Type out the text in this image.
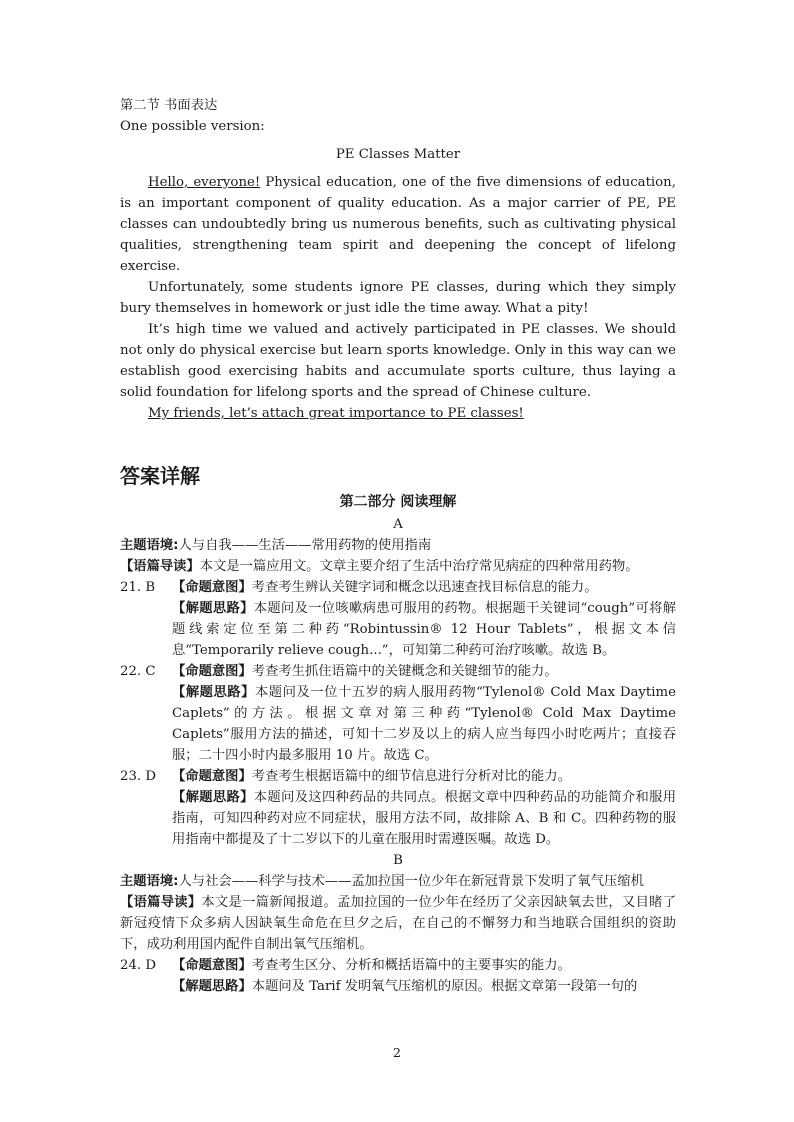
第二节 书面表达

One possible version:

PE Classes Matter

Hello, everyone! Physical education, one of the five dimensions of education, is an important component of quality education. As a major carrier of PE, PE classes can undoubtedly bring us numerous benefits, such as cultivating physical qualities, strengthening team spirit and deepening the concept of lifelong exercise.

Unfortunately, some students ignore PE classes, during which they simply bury themselves in homework or just idle the time away. What a pity!

It’s high time we valued and actively participated in PE classes. We should not only do physical exercise but learn sports knowledge. Only in this way can we establish good exercising habits and accumulate sports culture, thus laying a solid foundation for lifelong sports and the spread of Chinese culture.

My friends, let’s attach great importance to PE classes!

答案详解

第二部分 阅读理解

A

主题语境:人与自我——生活——常用药物的使用指南

【语篇导读】本文是一篇应用文。文章主要介绍了生活中治疗常见病症的四种常用药物。

21. B	【命题意图】考查考生辨认关键字词和概念以迅速查找目标信息的能力。

【解题思路】本题问及一位咳嗽病患可服用的药物。根据题干关键词“cough”可将解题线索定位至第二种药“Robintussin® 12 Hour Tablets”，根据文本信息“Temporarily relieve cough...”，可知第二种药可治疗咳嗽。故选 B。

22. C	【命题意图】考查考生抓住语篇中的关键概念和关键细节的能力。

【解题思路】本题问及一位十五岁的病人服用药物“Tylenol® Cold Max Daytime Caplets”的方法。根据文章对第三种药“Tylenol® Cold Max Daytime Caplets”服用方法的描述，可知十二岁及以上的病人应当每四小时吃两片；直接吞服；二十四小时内最多服用 10 片。故选 C。

23. D	【命题意图】考查考生根据语篇中的细节信息进行分析对比的能力。

【解题思路】本题问及这四种药品的共同点。根据文章中四种药品的功能简介和服用指南，可知四种药对应不同症状，服用方法不同，故排除 A、B 和 C。四种药物的服用指南中都提及了十二岁以下的儿童在服用时需遵医嘱。故选 D。

B

主题语境:人与社会——科学与技术——孟加拉国一位少年在新冠背景下发明了氧气压缩机

【语篇导读】本文是一篇新闻报道。孟加拉国的一位少年在经历了父亲因缺氧去世，又目睹了新冠疫情下众多病人因缺氧生命危在旦夕之后，在自己的不懈努力和当地联合国组织的资助下，成功利用国内配件自制出氧气压缩机。

24. D	【命题意图】考查考生区分、分析和概括语篇中的主要事实的能力。

【解题思路】本题问及 Tarif 发明氧气压缩机的原因。根据文章第一段第一句的

2
